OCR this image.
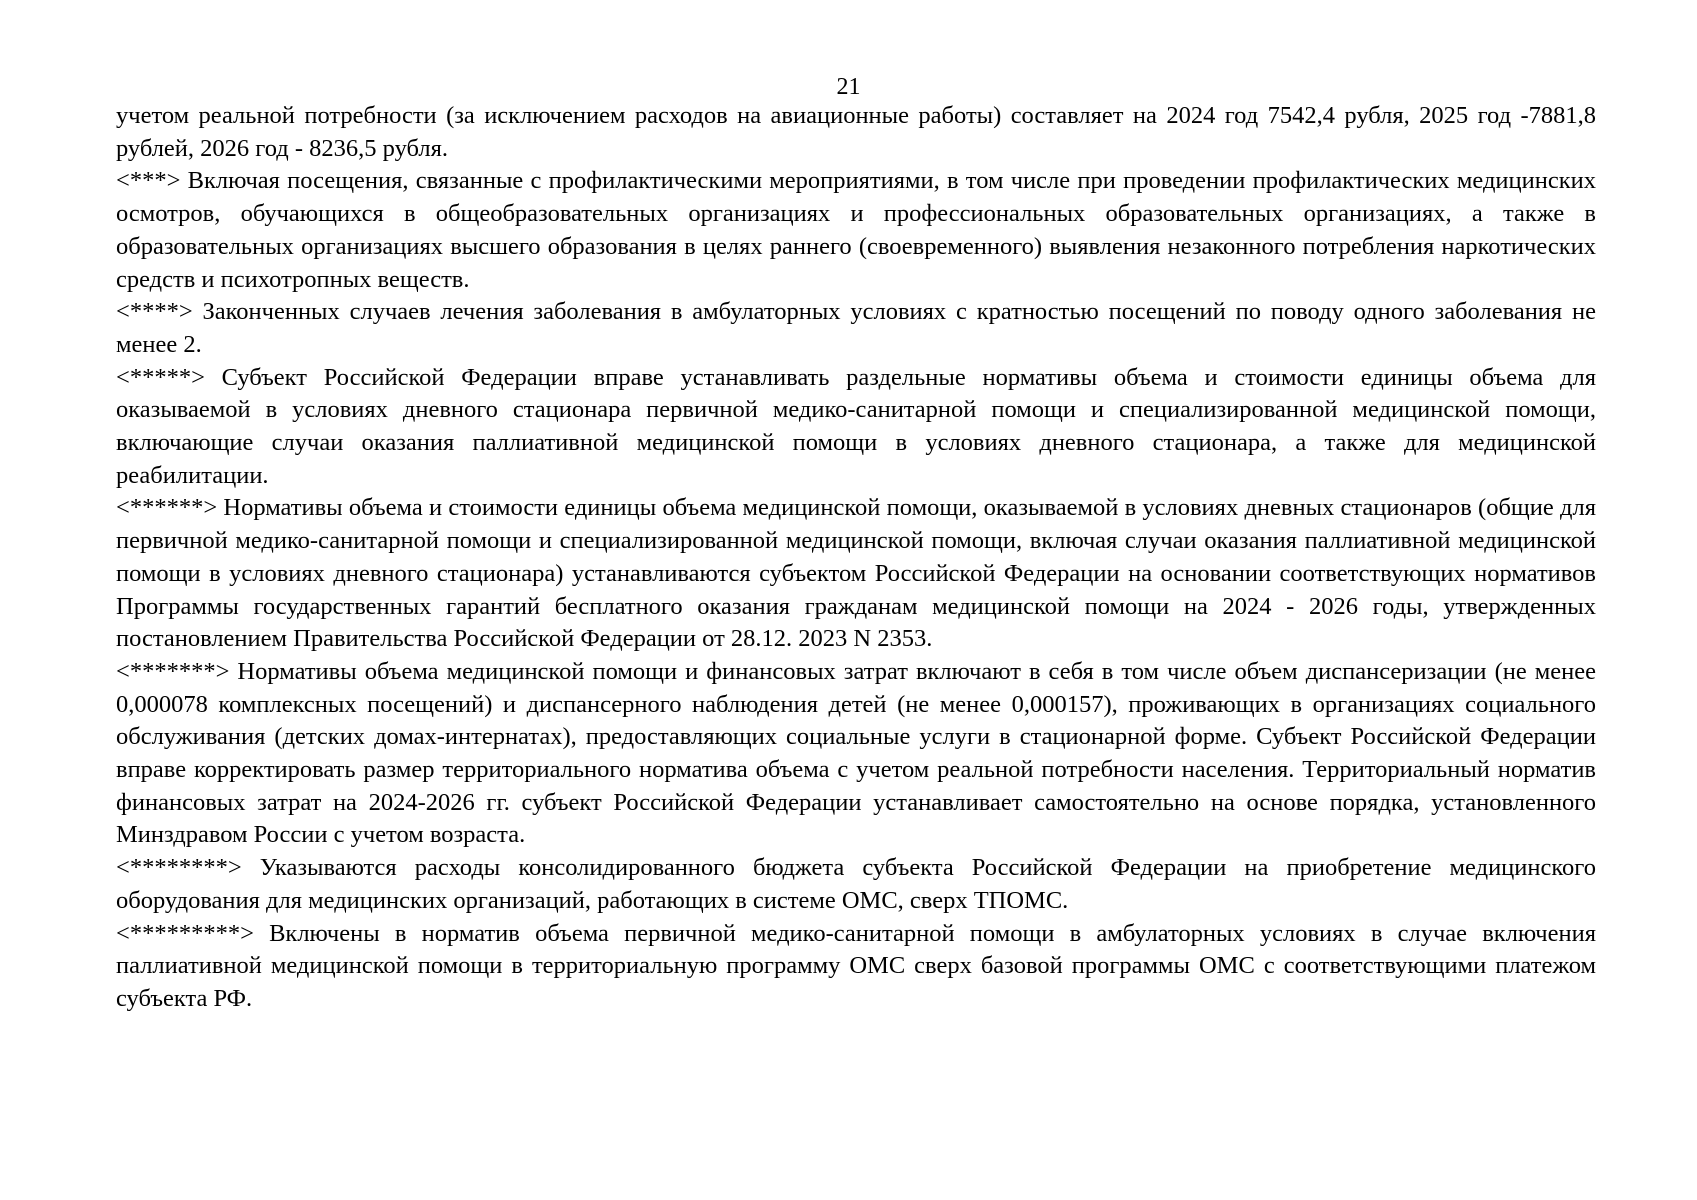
21

учетом реальной потребности (за исключением расходов на авиационные работы) составляет на 2024 год 7542,4 рубля, 2025 год -7881,8 рублей, 2026 год - 8236,5 рубля.

<***> Включая посещения, связанные с профилактическими мероприятиями, в том числе при проведении профилактических медицинских осмотров, обучающихся в общеобразовательных организациях и профессиональных образовательных организациях, а также в образовательных организациях высшего образования в целях раннего (своевременного) выявления незаконного потребления наркотических средств и психотропных веществ.

<****> Законченных случаев лечения заболевания в амбулаторных условиях с кратностью посещений по поводу одного заболевания не менее 2.

<*****> Субъект Российской Федерации вправе устанавливать раздельные нормативы объема и стоимости единицы объема для оказываемой в условиях дневного стационара первичной медико-санитарной помощи и специализированной медицинской помощи, включающие случаи оказания паллиативной медицинской помощи в условиях дневного стационара, а также для медицинской реабилитации.

<******> Нормативы объема и стоимости единицы объема медицинской помощи, оказываемой в условиях дневных стационаров (общие для первичной медико-санитарной помощи и специализированной медицинской помощи, включая случаи оказания паллиативной медицинской помощи в условиях дневного стационара) устанавливаются субъектом Российской Федерации на основании соответствующих нормативов Программы государственных гарантий бесплатного оказания гражданам медицинской помощи на 2024 - 2026 годы, утвержденных постановлением Правительства Российской Федерации от 28.12. 2023 N 2353.

<*******> Нормативы объема медицинской помощи и финансовых затрат включают в себя в том числе объем диспансеризации (не менее 0,000078 комплексных посещений) и диспансерного наблюдения детей (не менее 0,000157), проживающих в организациях социального обслуживания (детских домах-интернатах), предоставляющих социальные услуги в стационарной форме. Субъект Российской Федерации вправе корректировать размер территориального норматива объема с учетом реальной потребности населения. Территориальный норматив финансовых затрат на 2024-2026 гг. субъект Российской Федерации устанавливает самостоятельно на основе порядка, установленного Минздравом России с учетом возраста.

<********> Указываются расходы консолидированного бюджета субъекта Российской Федерации на приобретение медицинского оборудования для медицинских организаций, работающих в системе ОМС, сверх ТПОМС.

<*********> Включены в норматив объема первичной медико-санитарной помощи в амбулаторных условиях в случае включения паллиативной медицинской помощи в территориальную программу ОМС сверх базовой программы ОМС с соответствующими платежом субъекта РФ.
